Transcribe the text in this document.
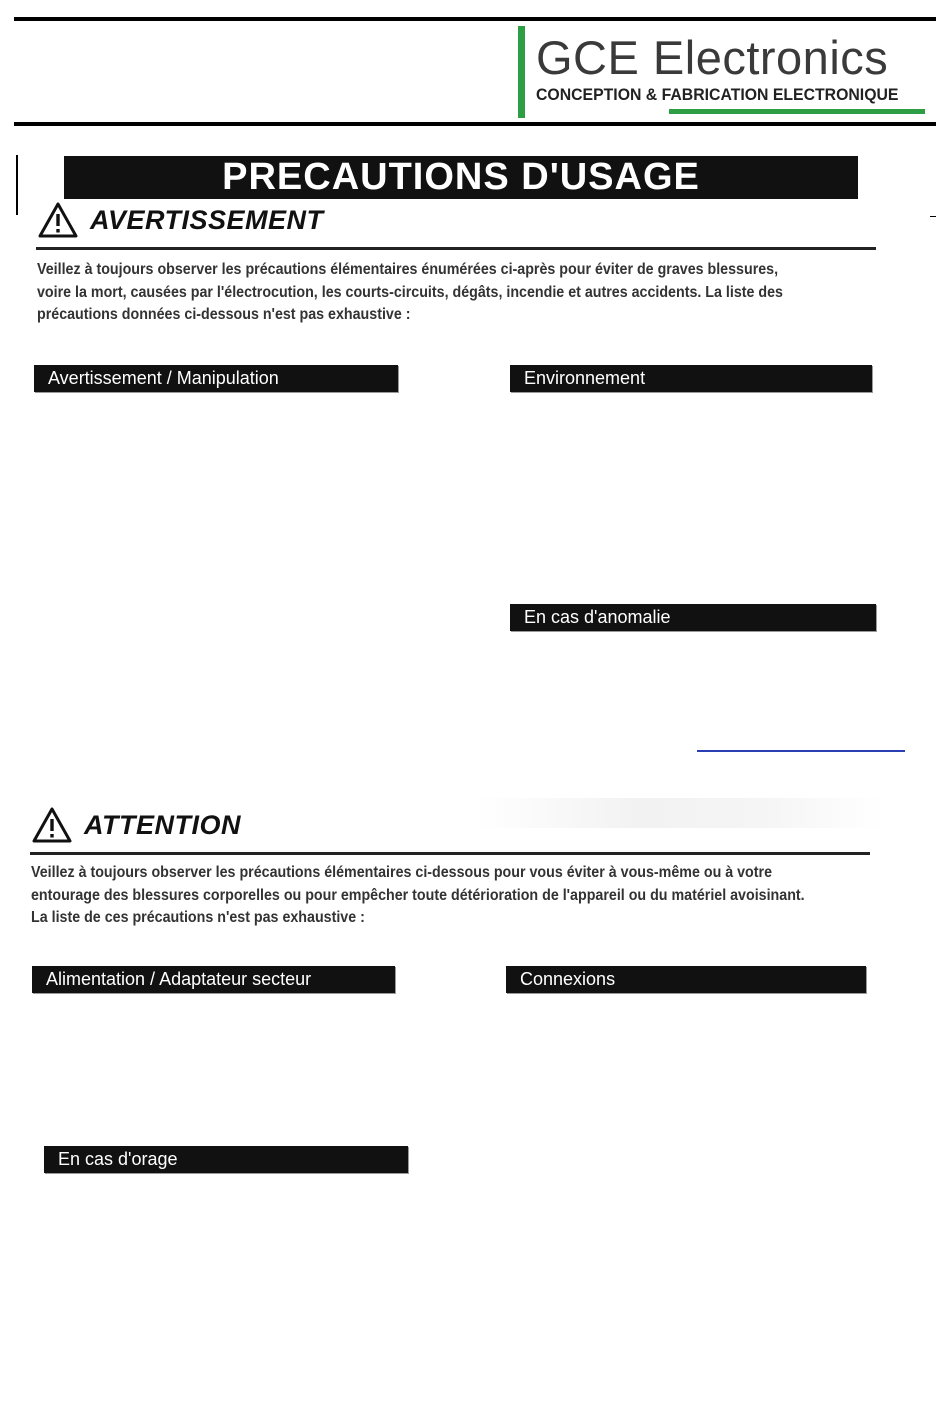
GCE Electronics
CONCEPTION & FABRICATION ELECTRONIQUE
PRECAUTIONS D'USAGE
AVERTISSEMENT
Veillez à toujours observer les précautions élémentaires énumérées ci-après pour éviter de graves blessures,
voire la mort, causées par l'électrocution, les courts-circuits, dégâts, incendie et autres accidents. La liste des
précautions données ci-dessous n'est pas exhaustive :
Avertissement / Manipulation	Environnement
En cas d'anomalie
ATTENTION
Veillez à toujours observer les précautions élémentaires ci-dessous pour vous éviter à vous-même ou à votre
entourage des blessures corporelles ou pour empêcher toute détérioration de l'appareil ou du matériel avoisinant.
La liste de ces précautions n'est pas exhaustive :
Alimentation / Adaptateur secteur	Connexions
En cas d'orage
